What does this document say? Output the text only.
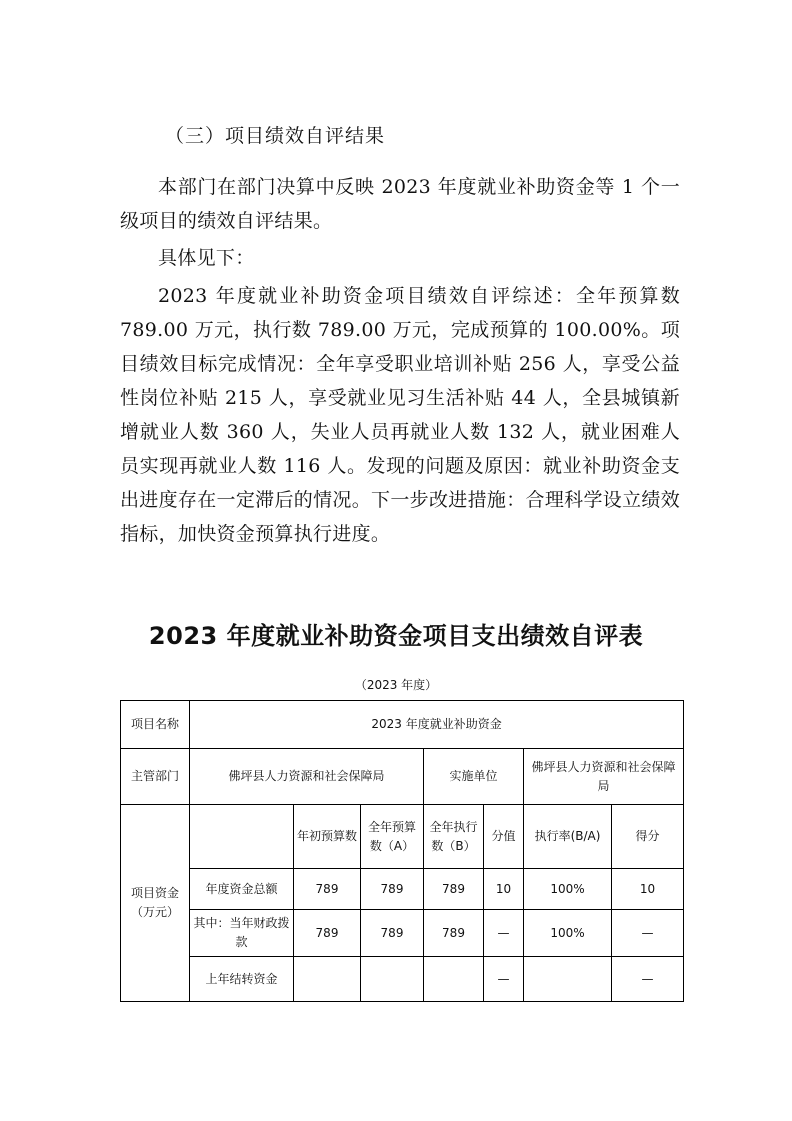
（三）项目绩效自评结果
本部门在部门决算中反映 2023 年度就业补助资金等 1 个一级项目的绩效自评结果。
具体见下：
2023 年度就业补助资金项目绩效自评综述：全年预算数 789.00 万元，执行数 789.00 万元，完成预算的 100.00%。项目绩效目标完成情况：全年享受职业培训补贴 256 人，享受公益性岗位补贴 215 人，享受就业见习生活补贴 44 人，全县城镇新增就业人数 360 人，失业人员再就业人数 132 人，就业困难人员实现再就业人数 116 人。发现的问题及原因：就业补助资金支出进度存在一定滞后的情况。下一步改进措施：合理科学设立绩效指标，加快资金预算执行进度。
2023 年度就业补助资金项目支出绩效自评表
（2023 年度）
项目名称	2023 年度就业补助资金						
主管部门	佛坪县人力资源和社会保障局			实施单位		佛坪县人力资源和社会保障局	
项目资金（万元）		年初预算数	全年预算数（A）	全年执行数（B）	分值	执行率(B/A)	得分
	年度资金总额	789	789	789	10	100%	10
	其中：当年财政拨款	789	789	789	—	100%	—
	上年结转资金				—		—
